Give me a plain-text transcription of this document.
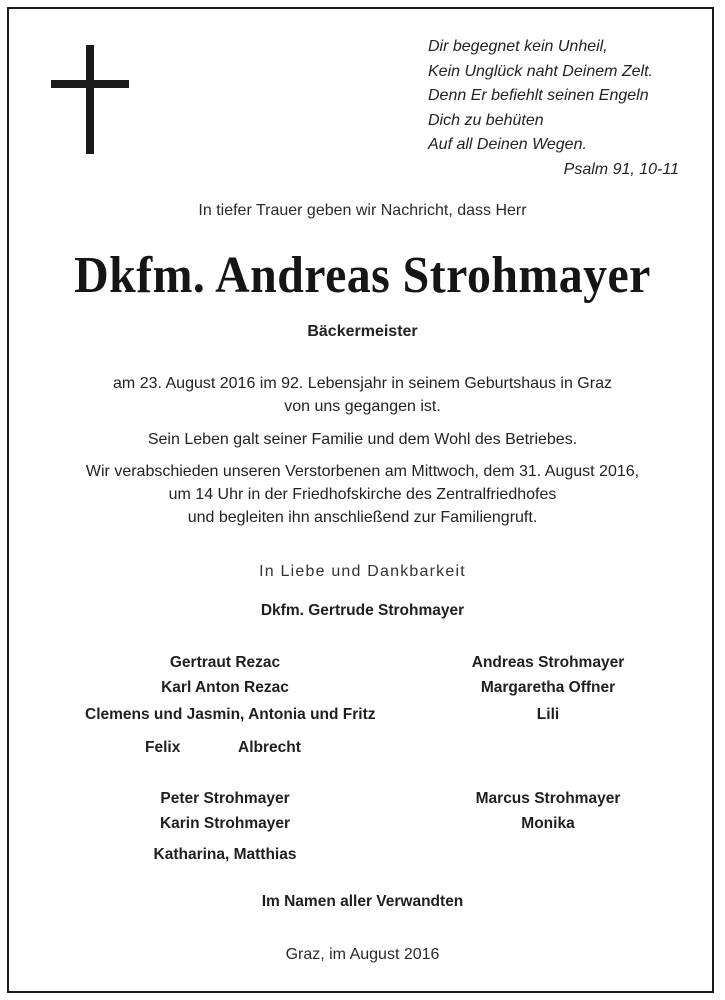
Dir begegnet kein Unheil,
Kein Unglück naht Deinem Zelt.
Denn Er befiehlt seinen Engeln
Dich zu behüten
Auf all Deinen Wegen.
Psalm 91, 10-11
In tiefer Trauer geben wir Nachricht, dass Herr
Dkfm. Andreas Strohmayer
Bäckermeister
am 23. August 2016 im 92. Lebensjahr in seinem Geburtshaus in Graz
von uns gegangen ist.
Sein Leben galt seiner Familie und dem Wohl des Betriebes.
Wir verabschieden unseren Verstorbenen am Mittwoch, dem 31. August 2016,
um 14 Uhr in der Friedhofskirche des Zentralfriedhofes
und begleiten ihn anschließend zur Familiengruft.
In Liebe und Dankbarkeit
Dkfm. Gertrude Strohmayer
Gertraut Rezac
Karl Anton Rezac
Clemens und Jasmin, Antonia und Fritz
Felix	Albrecht
Andreas Strohmayer
Margaretha Offner
Lili
Peter Strohmayer
Karin Strohmayer
Katharina, Matthias
Marcus Strohmayer
Monika
Im Namen aller Verwandten
Graz, im August 2016
